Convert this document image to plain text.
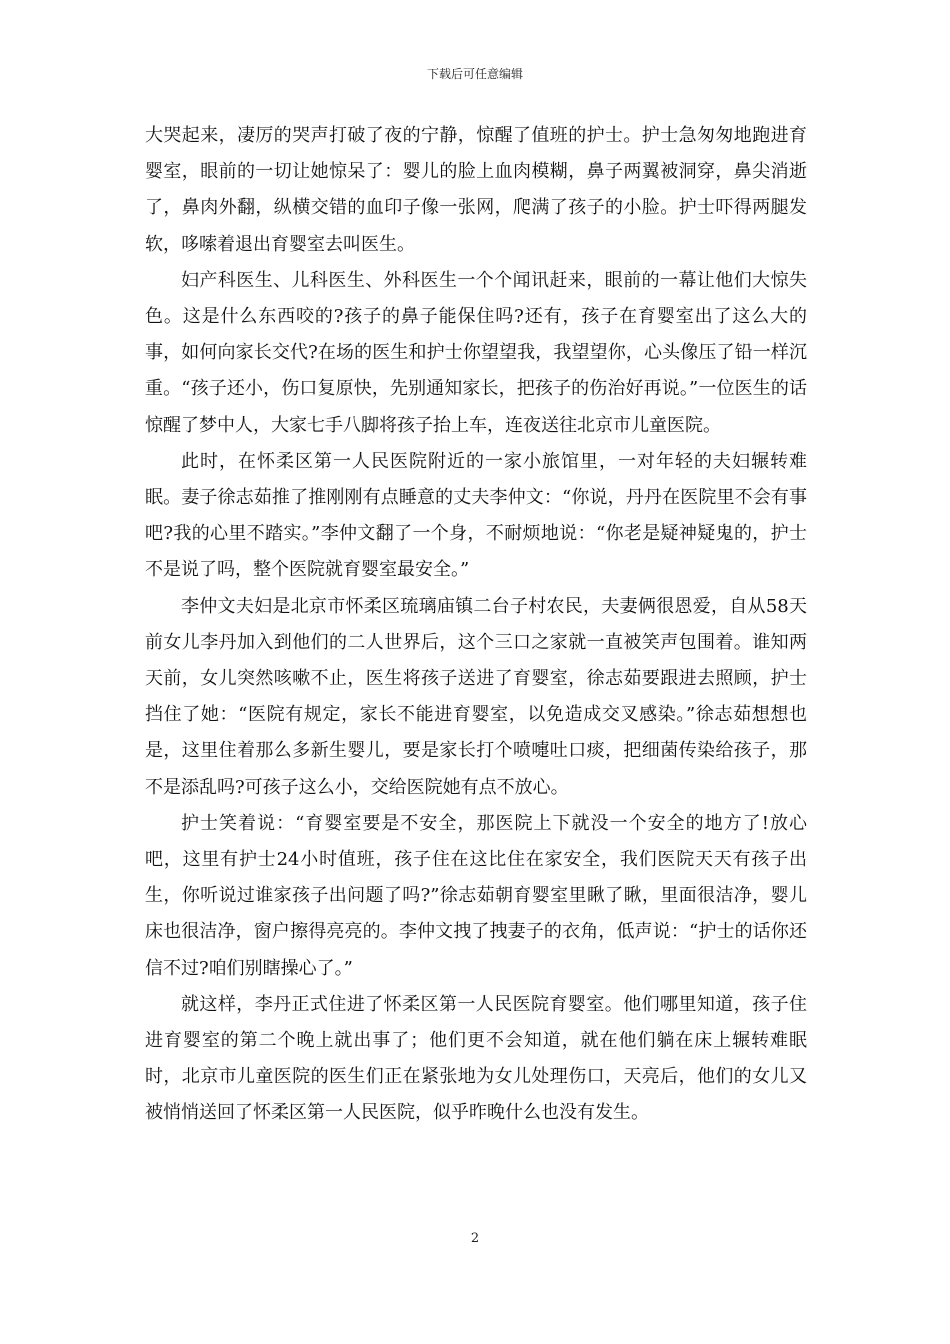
下载后可任意编辑

大哭起来，凄厉的哭声打破了夜的宁静，惊醒了值班的护士。护士急匆匆地跑进育婴室，眼前的一切让她惊呆了：婴儿的脸上血肉模糊，鼻子两翼被洞穿，鼻尖消逝了，鼻肉外翻，纵横交错的血印子像一张网，爬满了孩子的小脸。护士吓得两腿发软，哆嗦着退出育婴室去叫医生。

妇产科医生、儿科医生、外科医生一个个闻讯赶来，眼前的一幕让他们大惊失色。这是什么东西咬的?孩子的鼻子能保住吗?还有，孩子在育婴室出了这么大的事，如何向家长交代?在场的医生和护士你望望我，我望望你，心头像压了铅一样沉重。“孩子还小，伤口复原快，先别通知家长，把孩子的伤治好再说。”一位医生的话惊醒了梦中人，大家七手八脚将孩子抬上车，连夜送往北京市儿童医院。

此时，在怀柔区第一人民医院附近的一家小旅馆里，一对年轻的夫妇辗转难眠。妻子徐志茹推了推刚刚有点睡意的丈夫李仲文：“你说，丹丹在医院里不会有事吧?我的心里不踏实。”李仲文翻了一个身，不耐烦地说：“你老是疑神疑鬼的，护士不是说了吗，整个医院就育婴室最安全。”

李仲文夫妇是北京市怀柔区琉璃庙镇二台子村农民，夫妻俩很恩爱，自从58天前女儿李丹加入到他们的二人世界后，这个三口之家就一直被笑声包围着。谁知两天前，女儿突然咳嗽不止，医生将孩子送进了育婴室，徐志茹要跟进去照顾，护士挡住了她：“医院有规定，家长不能进育婴室，以免造成交叉感染。”徐志茹想想也是，这里住着那么多新生婴儿，要是家长打个喷嚏吐口痰，把细菌传染给孩子，那不是添乱吗?可孩子这么小，交给医院她有点不放心。

护士笑着说：“育婴室要是不安全，那医院上下就没一个安全的地方了!放心吧，这里有护士24小时值班，孩子住在这比住在家安全，我们医院天天有孩子出生，你听说过谁家孩子出问题了吗?”徐志茹朝育婴室里瞅了瞅，里面很洁净，婴儿床也很洁净，窗户擦得亮亮的。李仲文拽了拽妻子的衣角，低声说：“护士的话你还信不过?咱们别瞎操心了。”

就这样，李丹正式住进了怀柔区第一人民医院育婴室。他们哪里知道，孩子住进育婴室的第二个晚上就出事了；他们更不会知道，就在他们躺在床上辗转难眠时，北京市儿童医院的医生们正在紧张地为女儿处理伤口，天亮后，他们的女儿又被悄悄送回了怀柔区第一人民医院，似乎昨晚什么也没有发生。

2
